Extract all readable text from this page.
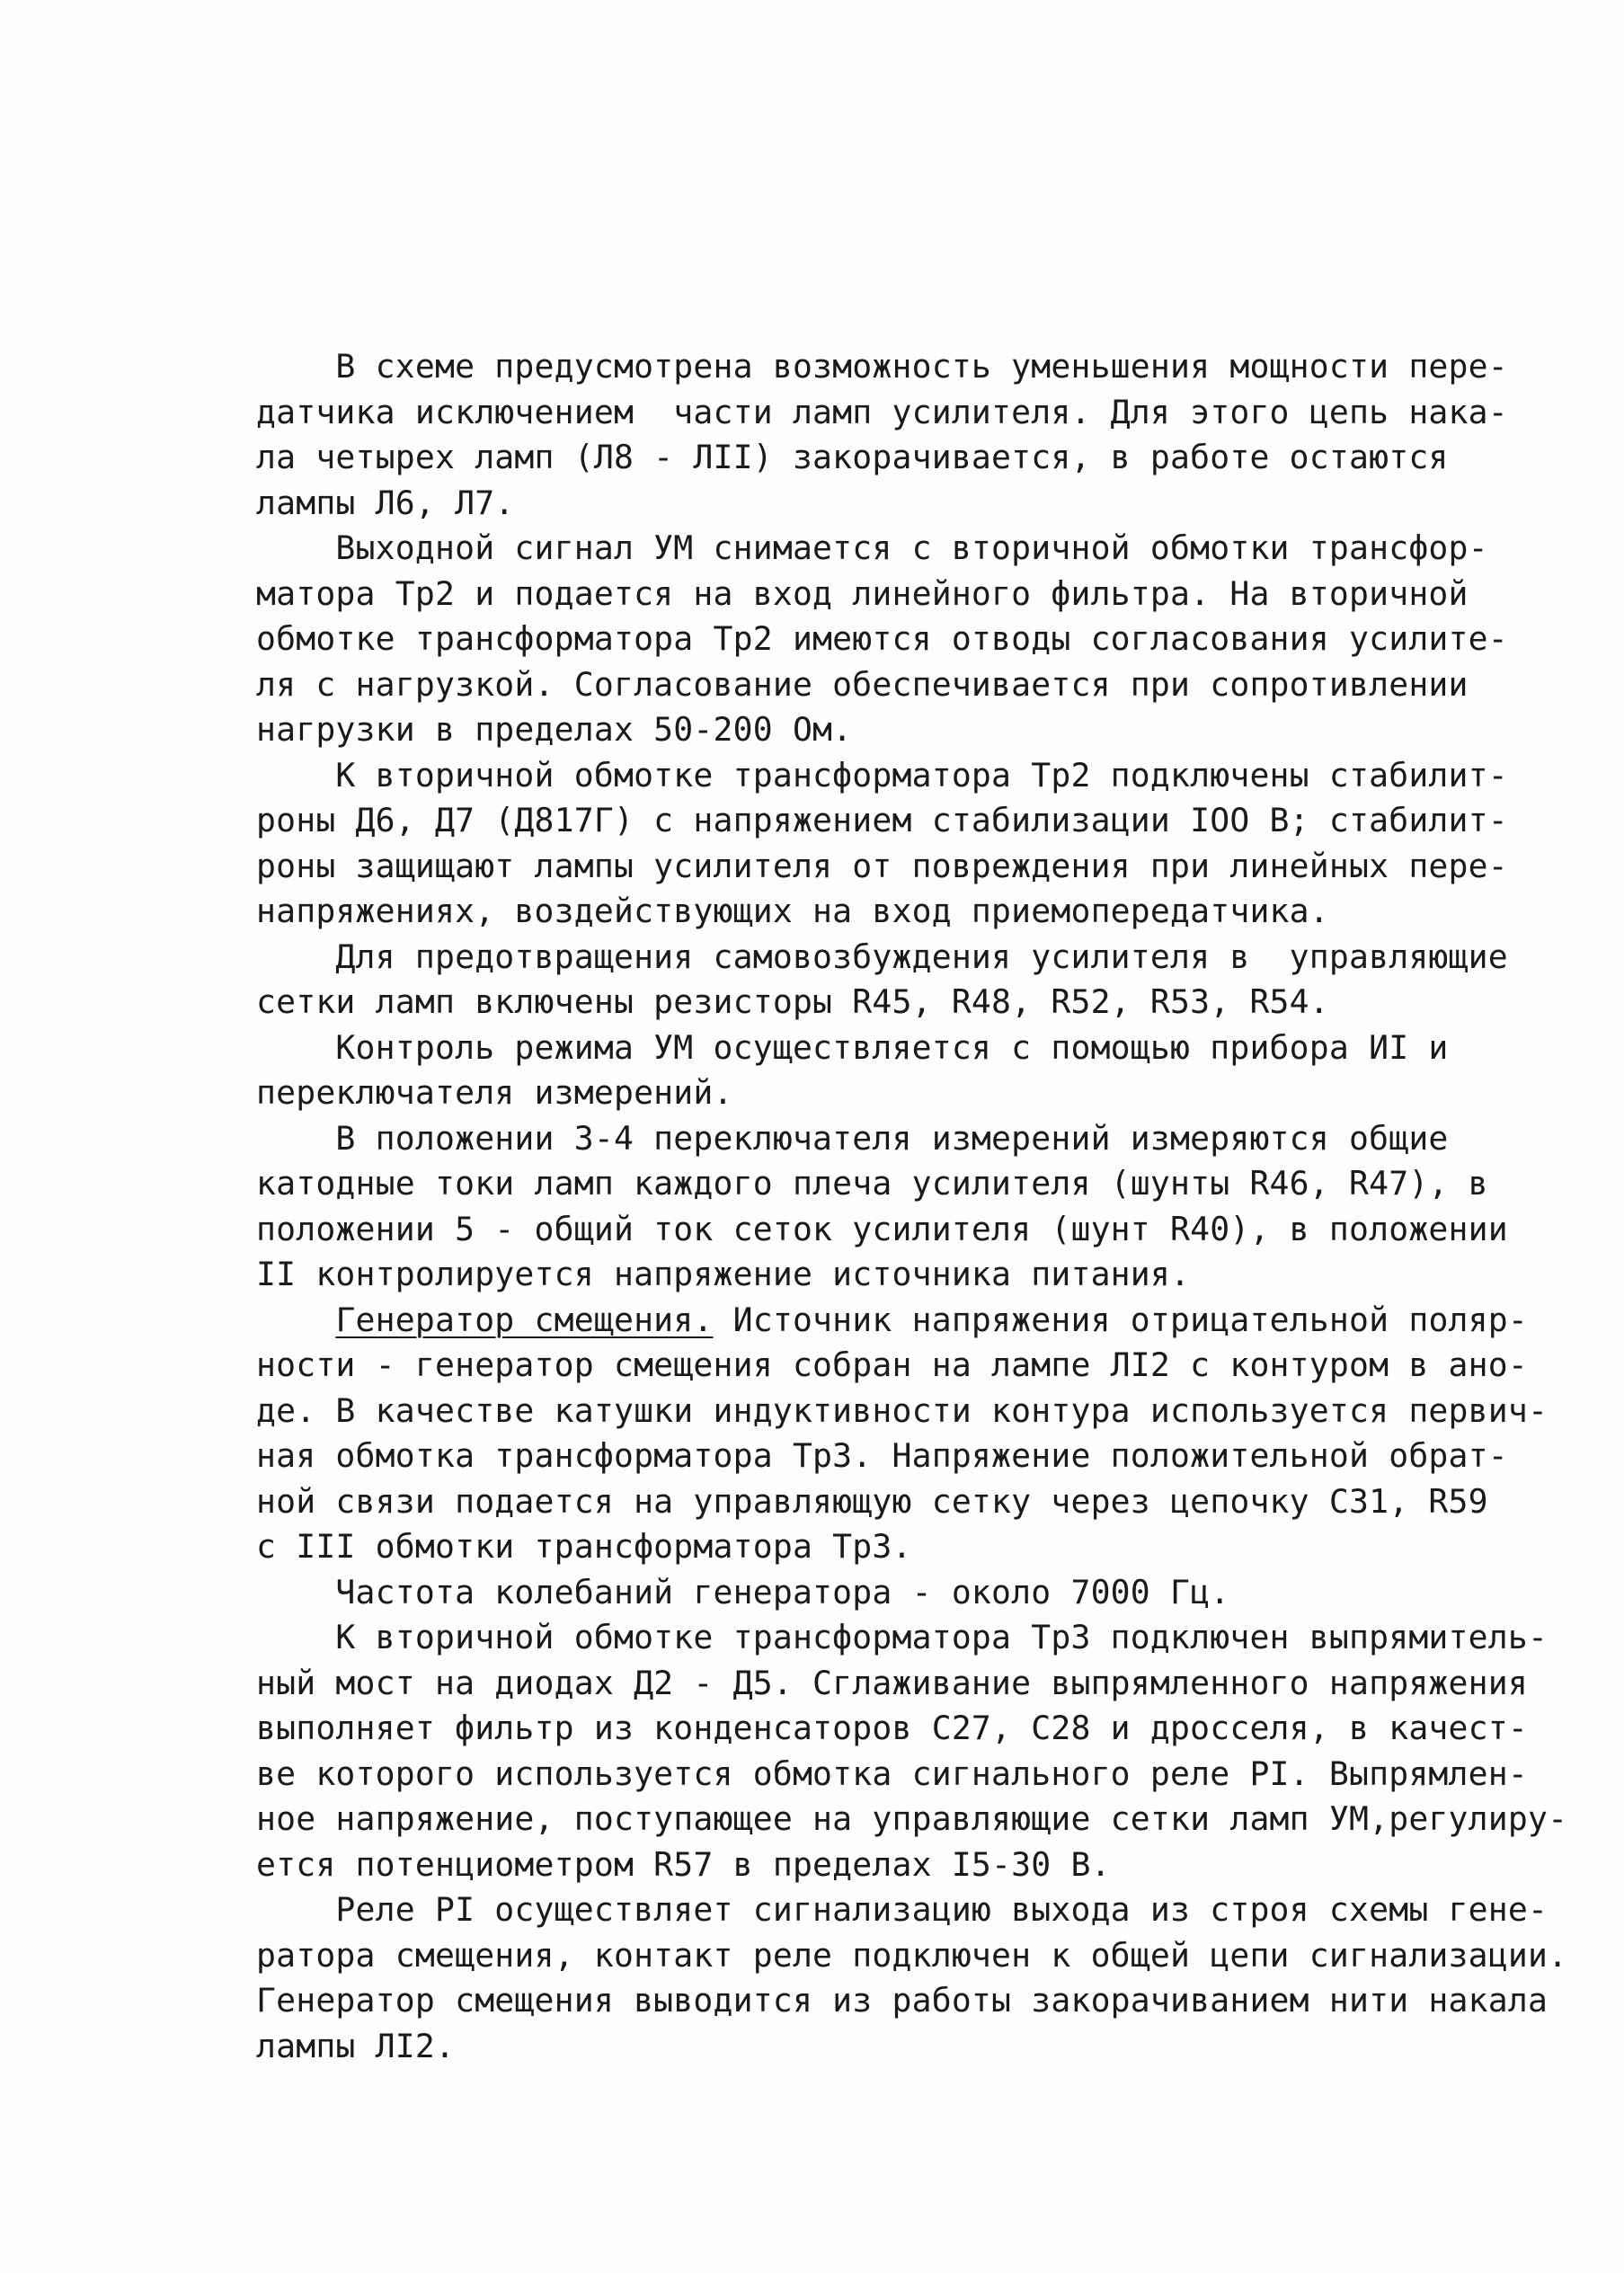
В схеме предусмотрена возможность уменьшения мощности пере-
датчика исключением  части ламп усилителя. Для этого цепь нака-
ла четырех ламп (Л8 - ЛII) закорачивается, в работе остаются
лампы Л6, Л7.
Выходной сигнал УМ снимается с вторичной обмотки трансфор-
матора Тр2 и подается на вход линейного фильтра. На вторичной
обмотке трансформатора Тр2 имеются отводы согласования усилите-
ля с нагрузкой. Согласование обеспечивается при сопротивлении
нагрузки в пределах 50-200 Ом.
К вторичной обмотке трансформатора Тр2 подключены стабилит-
роны Д6, Д7 (Д817Г) с напряжением стабилизации IOO В; стабилит-
роны защищают лампы усилителя от повреждения при линейных пере-
напряжениях, воздействующих на вход приемопередатчика.
Для предотвращения самовозбуждения усилителя в  управляющие
сетки ламп включены резисторы R45, R48, R52, R53, R54.
Контроль режима УМ осуществляется с помощью прибора ИI и
переключателя измерений.
В положении 3-4 переключателя измерений измеряются общие
катодные токи ламп каждого плеча усилителя (шунты R46, R47), в
положении 5 - общий ток сеток усилителя (шунт R40), в положении
II контролируется напряжение источника питания.
Генератор смещения. Источник напряжения отрицательной поляр-
ности - генератор смещения собран на лампе ЛI2 с контуром в ано-
де. В качестве катушки индуктивности контура используется первич-
ная обмотка трансформатора Тр3. Напряжение положительной обрат-
ной связи подается на управляющую сетку через цепочку C31, R59
с III обмотки трансформатора Тр3.
Частота колебаний генератора - около 7000 Гц.
К вторичной обмотке трансформатора Тр3 подключен выпрямитель-
ный мост на диодах Д2 - Д5. Сглаживание выпрямленного напряжения
выполняет фильтр из конденсаторов С27, С28 и дросселя, в качест-
ве которого используется обмотка сигнального реле PI. Выпрямлен-
ное напряжение, поступающее на управляющие сетки ламп УМ,регулиру-
ется потенциометром R57 в пределах I5-30 В.
Реле PI осуществляет сигнализацию выхода из строя схемы гене-
ратора смещения, контакт реле подключен к общей цепи сигнализации.
Генератор смещения выводится из работы закорачиванием нити накала
лампы ЛI2.
